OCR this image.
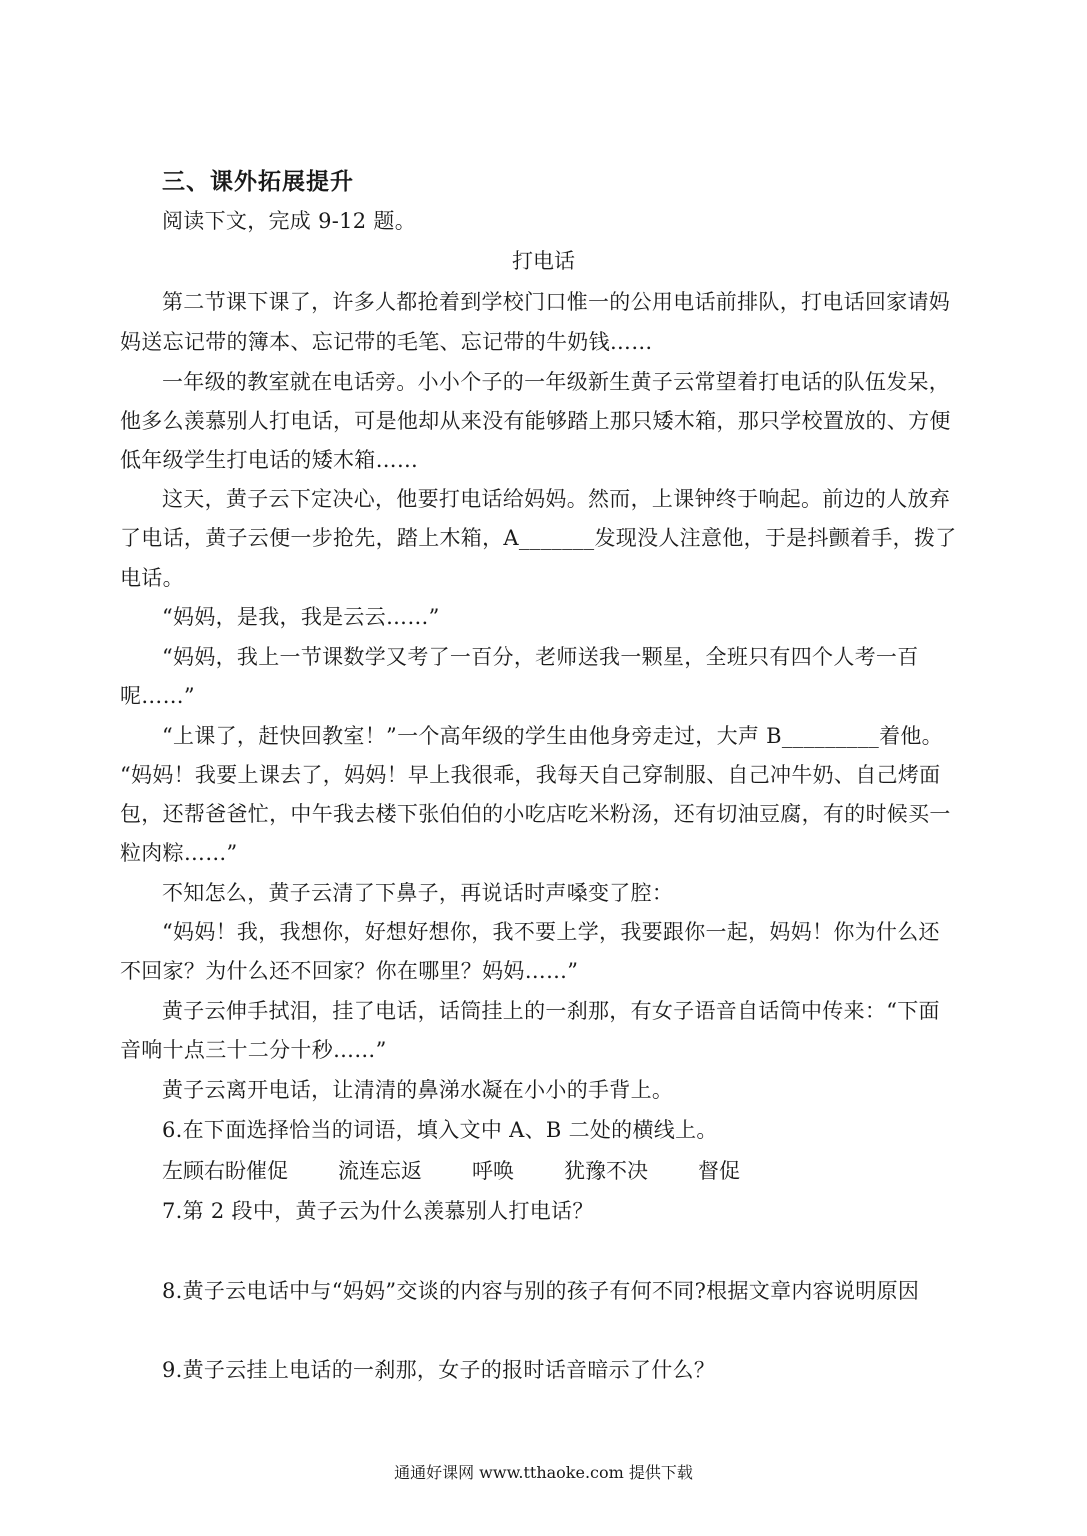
三、课外拓展提升
阅读下文，完成 9-12 题。
打电话
第二节课下课了，许多人都抢着到学校门口惟一的公用电话前排队，打电话回家请妈
妈送忘记带的簿本、忘记带的毛笔、忘记带的牛奶钱……
一年级的教室就在电话旁。小小个子的一年级新生黄子云常望着打电话的队伍发呆，
他多么羡慕别人打电话，可是他却从来没有能够踏上那只矮木箱，那只学校置放的、方便
低年级学生打电话的矮木箱……
这天，黄子云下定决心，他要打电话给妈妈。然而，上课钟终于响起。前边的人放弃
了电话，黄子云便一步抢先，踏上木箱，A_______发现没人注意他，于是抖颤着手，拨了
电话。
“妈妈，是我，我是云云……”
“妈妈，我上一节课数学又考了一百分，老师送我一颗星，全班只有四个人考一百
呢……”
“上课了，赶快回教室！”一个高年级的学生由他身旁走过，大声 B_________着他。
“妈妈！我要上课去了，妈妈！早上我很乖，我每天自己穿制服、自己冲牛奶、自己烤面
包，还帮爸爸忙，中午我去楼下张伯伯的小吃店吃米粉汤，还有切油豆腐，有的时候买一
粒肉粽……”
不知怎么，黄子云清了下鼻子，再说话时声嗓变了腔：
“妈妈！我，我想你，好想好想你，我不要上学，我要跟你一起，妈妈！你为什么还
不回家？为什么还不回家？你在哪里？妈妈……”
黄子云伸手拭泪，挂了电话，话筒挂上的一刹那，有女子语音自话筒中传来：“下面
音响十点三十二分十秒……”
黄子云离开电话，让清清的鼻涕水凝在小小的手背上。
6.在下面选择恰当的词语，填入文中 A、B 二处的横线上。
左顾右盼催促 流连忘返 呼唤 犹豫不决 督促
7.第 2 段中，黄子云为什么羡慕别人打电话？
8.黄子云电话中与“妈妈”交谈的内容与别的孩子有何不同?根据文章内容说明原因
9.黄子云挂上电话的一刹那，女子的报时话音暗示了什么？
通通好课网 www.tthaoke.com 提供下载
